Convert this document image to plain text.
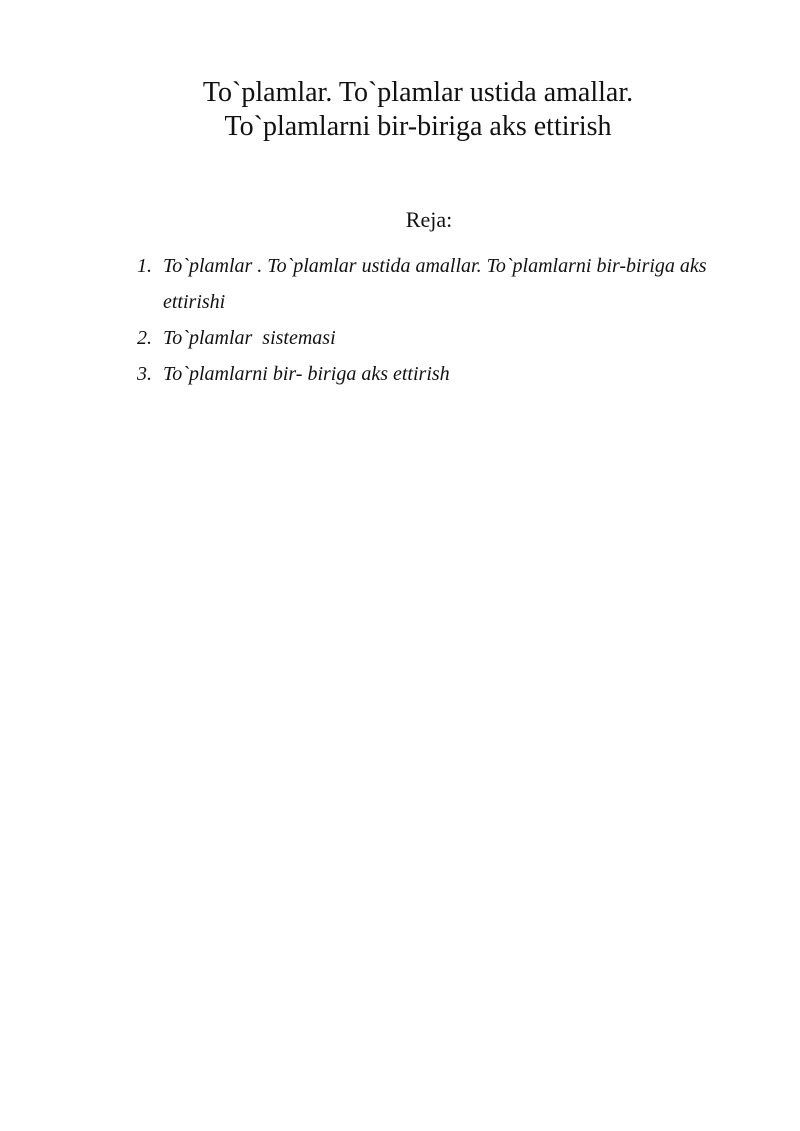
To`plamlar. To`plamlar ustida amallar.
To`plamlarni bir-biriga aks ettirish

Reja:

1. To`plamlar . To`plamlar ustida amallar. To`plamlarni bir-biriga aks ettirishi
2. To`plamlar  sistemasi
3. To`plamlarni bir- biriga aks ettirish
